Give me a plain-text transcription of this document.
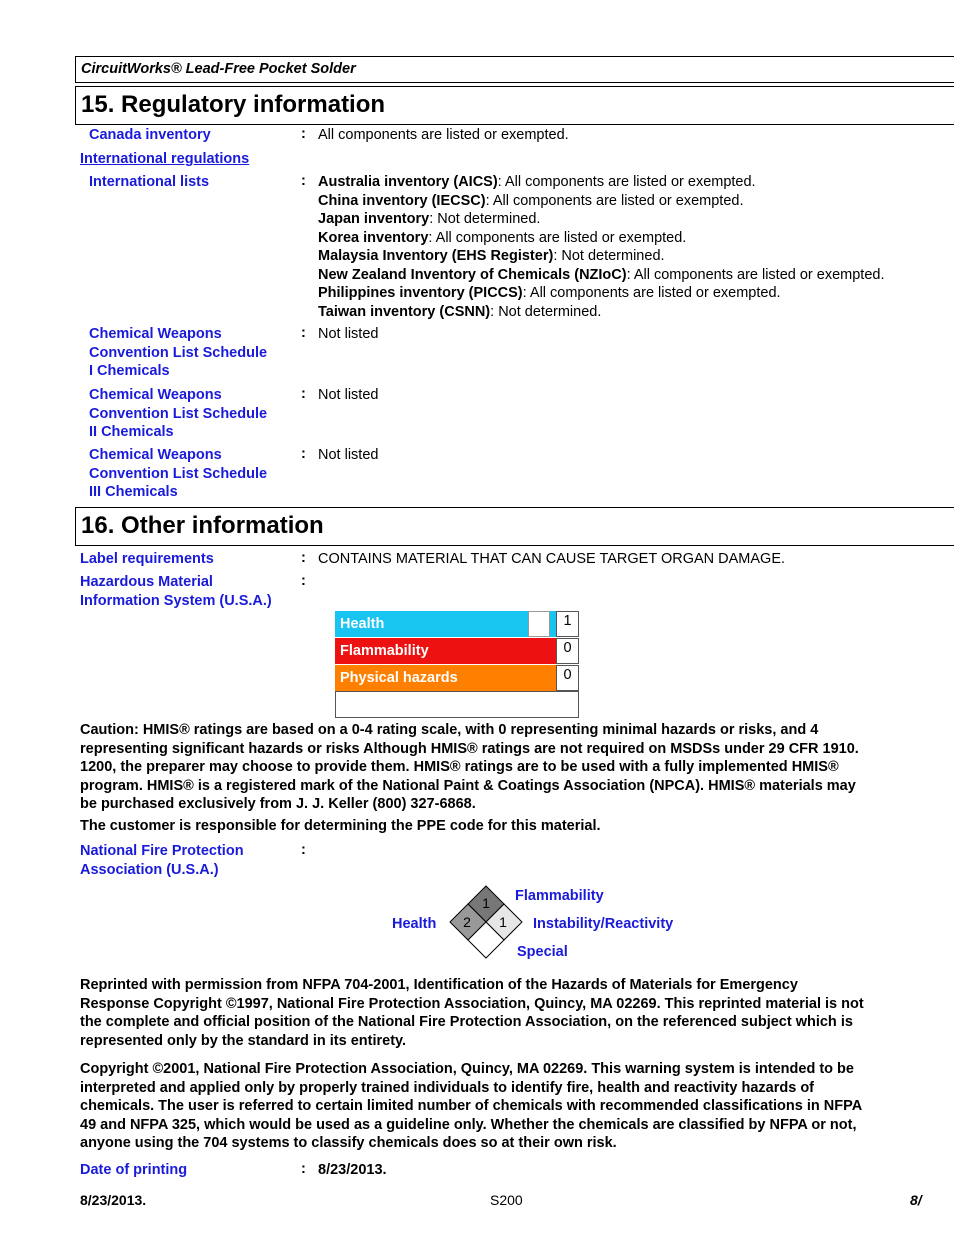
CircuitWorks® Lead-Free Pocket Solder
15. Regulatory information
Canada inventory	: All components are listed or exempted.
International regulations
International lists	: Australia inventory (AICS): All components are listed or exempted.
China inventory (IECSC): All components are listed or exempted.
Japan inventory: Not determined.
Korea inventory: All components are listed or exempted.
Malaysia Inventory (EHS Register): Not determined.
New Zealand Inventory of Chemicals (NZIoC): All components are listed or exempted.
Philippines inventory (PICCS): All components are listed or exempted.
Taiwan inventory (CSNN): Not determined.
Chemical Weapons
Convention List Schedule
I Chemicals
: Not listed
Chemical Weapons
Convention List Schedule
II Chemicals
: Not listed
Chemical Weapons
Convention List Schedule
III Chemicals
: Not listed
16. Other information
Label requirements	: CONTAINS MATERIAL THAT CAN CAUSE TARGET ORGAN DAMAGE.
Hazardous Material
Information System (U.S.A.)
:
Health	1
Flammability	0
Physical hazards	0
Caution: HMIS® ratings are based on a 0-4 rating scale, with 0 representing minimal hazards or risks, and 4
representing significant hazards or risks Although HMIS® ratings are not required on MSDSs under 29 CFR 1910.
1200, the preparer may choose to provide them. HMIS® ratings are to be used with a fully implemented HMIS®
program. HMIS® is a registered mark of the National Paint & Coatings Association (NPCA). HMIS® materials may
be purchased exclusively from J. J. Keller (800) 327-6868.
The customer is responsible for determining the PPE code for this material.
National Fire Protection
Association (U.S.A.)
:
1
2 1
Flammability
Health	Instability/Reactivity
Special
Reprinted with permission from NFPA 704-2001, Identification of the Hazards of Materials for Emergency
Response Copyright ©1997, National Fire Protection Association, Quincy, MA 02269. This reprinted material is not
the complete and official position of the National Fire Protection Association, on the referenced subject which is
represented only by the standard in its entirety.
Copyright ©2001, National Fire Protection Association, Quincy, MA 02269. This warning system is intended to be
interpreted and applied only by properly trained individuals to identify fire, health and reactivity hazards of
chemicals. The user is referred to certain limited number of chemicals with recommended classifications in NFPA
49 and NFPA 325, which would be used as a guideline only. Whether the chemicals are classified by NFPA or not,
anyone using the 704 systems to classify chemicals does so at their own risk.
Date of printing	: 8/23/2013.
8/23/2013.	S200	8/
